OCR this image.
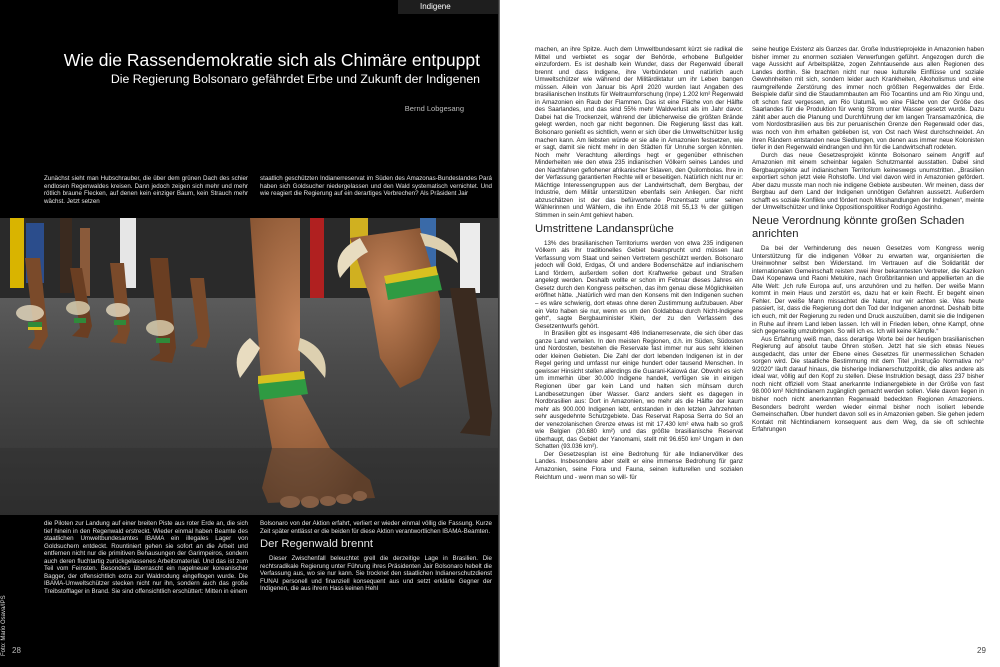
Indigene
Wie die Rassendemokratie sich als Chimäre entpuppt
Die Regierung Bolsonaro gefährdet Erbe und Zukunft der Indigenen
Bernd Lobgesang

Zunächst sieht man Hubschrauber, die über dem grünen Dach des schier endlosen Regenwaldes kreisen. Dann jedoch zeigen sich mehr und mehr rötlich braune Flecken, auf denen kein einziger Baum, kein Strauch mehr wächst. Jetzt setzen

staatlich geschützten Indianerreservat im Süden des Amazonas-Bundeslandes Pará haben sich Goldsucher niedergelassen und den Wald systematisch vernichtet. Und wie reagiert die Regierung auf ein derartiges Verbrechen? Als Präsident Jair

Foto: Mario Osava/IPS

die Piloten zur Landung auf einer breiten Piste aus roter Erde an, die sich tief hinein in den Regenwald erstreckt. Wieder einmal haben Beamte des staatlichen Umweltbundesamtes IBAMA ein illegales Lager von Goldsuchern entdeckt. Rountiniert gehen sie sofort an die Arbeit und entfernen nicht nur die primitiven Behausungen der Garimpeiros, sondern auch deren fluchtartig zurückgelassenes Arbeitsmaterial. Und das ist zum Teil vom Feinsten. Besonders überrascht ein nagelneuer koreanischer Bagger, der offensichtlich extra zur Waldrodung eingeflogen wurde. Die IBAMA-Umweltschützer stecken nicht nur ihn, sondern auch das große Treibstofflager in Brand. Sie sind offensichtlich erschüttert: Mitten in einem

Bolsonaro von der Aktion erfahrt, verliert er wieder einmal völlig die Fassung. Kurze Zeit später entlässt er die beiden für diese Aktion verantwortlichen IBAMA-Beamten.

Der Regenwald brennt

Dieser Zwischenfall beleuchtet grell die derzeitige Lage in Brasilien. Die rechtsradikale Regierung unter Führung ihres Präsidenten Jair Bolsonaro hebelt die Verfassung aus, wo sie nur kann. Sie trocknet den staatlichen Indianerschutzdienst FUNAI personell und finanziell konsequent aus und setzt erklärte Gegner der Indigenen, die aus ihrem Hass keinen Hehl

28

machen, an ihre Spitze. Auch dem Umweltbundesamt kürzt sie radikal die Mittel und verbietet es sogar der Behörde, erhobene Bußgelder einzufordern. Es ist deshalb kein Wunder, dass der Regenwald überall brennt und dass Indigene, ihre Verbündeten und natürlich auch Umweltschützer wie während der Militärdiktatur um ihr Leben bangen müssen. Allein von Januar bis April 2020 wurden laut Angaben des brasilianischen Instituts für Weltraumforschung (Inpe) 1.202 km² Regenwald in Amazonien ein Raub der Flammen. Das ist eine Fläche von der Hälfte des Saarlandes, und das sind 55% mehr Waldverlust als im Jahr davor. Dabei hat die Trockenzeit, während der üblicherweise die größten Brände gelegt werden, noch gar nicht begonnen. Die Regierung lässt das kalt. Bolsonaro genießt es sichtlich, wenn er sich über die Umweltschützer lustig machen kann. Am liebsten würde er sie alle in Amazonien festsetzen, wie er sagt, damit sie nicht mehr in den Städten für Unruhe sorgen könnten. Noch mehr Verachtung allerdings hegt er gegenüber ethnischen Minderheiten wie den etwa 235 indianischen Völkern seines Landes und den Nachfahren geflohener afrikanischer Sklaven, den Quilombolas. Ihre in der Verfassung garantierten Rechte will er beseitigen. Natürlich nicht nur er: Mächtige Interessengruppen aus der Landwirtschaft, dem Bergbau, der Industrie, dem Militär unterstützen ebenfalls sein Anliegen. Gar nicht abzuschätzen ist der das befürwortende Prozentsatz unter seinen Wählerinnen und Wählern, die ihn Ende 2018 mit 55,13 % der gültigen Stimmen in sein Amt gehievt haben.

Umstrittene Landansprüche

13% des brasilianischen Territoriums werden von etwa 235 indigenen Völkern als ihr traditionelles Gebiet beansprucht und müssen laut Verfassung vom Staat und seinen Vertretern geschützt werden. Bolsonaro jedoch will Gold, Erdgas, Öl und andere Bodenschätze auf indianischem Land fördern, außerdem sollen dort Kraftwerke gebaut und Straßen angelegt werden. Deshalb wollte er schon im Februar dieses Jahres ein Gesetz durch den Kongress peitschen, das ihm genau diese Möglichkeiten eröffnet hätte. „Natürlich wird man den Konsens mit den Indigenen suchen – es wäre schwierig, dort etwas ohne deren Zustimmung aufzubauen. Aber ein Veto haben sie nur, wenn es um den Goldabbau durch Nicht-Indigene geht“, sagte Bergbauminister Klein, der zu den Verfassern des Gesetzentwurfs gehört.

In Brasilien gibt es insgesamt 486 Indianerreservate, die sich über das ganze Land verteilen. In den meisten Regionen, d.h. im Süden, Südosten und Nordosten, bestehen die Reservate fast immer nur aus sehr kleinen oder kleinen Gebieten. Die Zahl der dort lebenden Indigenen ist in der Regel gering und umfasst nur einige hundert oder tausend Menschen. In gewisser Hinsicht stellen allerdings die Guarani-Kaiowá dar. Obwohl es sich um immerhin über 30.000 Indigene handelt, verfügen sie in einigen Regionen über gar kein Land und halten sich mühsam durch Landbesetzungen über Wasser. Ganz anders sieht es dagegen in Nordbrasilien aus: Dort in Amazonien, wo mehr als die Hälfte der kaum mehr als 900.000 Indigenen lebt, entstanden in den letzten Jahrzehnten sehr ausgedehnte Schutzgebiete. Das Reservat Raposa Serra do Sol an der venezolanischen Grenze etwas ist mit 17.430 km² etwa halb so groß wie Belgien (30.680 km²) und das größte brasilianische Reservat überhaupt, das Gebiet der Yanomami, stellt mit 96.650 km² Ungarn in den Schatten (93.036 km²).

Der Gesetzesplan ist eine Bedrohung für alle Indianervölker des Landes. Insbesondere aber stellt er eine immense Bedrohung für ganz Amazonien, seine Flora und Fauna, seinen kulturellen und sozialen Reichtum und - wenn man so will- für

seine heutige Existenz als Ganzes dar. Große Industrieprojekte in Amazonien haben bisher immer zu enormen sozialen Verwerfungen geführt. Angezogen durch die vage Aussicht auf Arbeitsplätze, zogen Zehntausende aus allen Regionen des Landes dorthin. Sie brachten nicht nur neue kulturelle Einflüsse und soziale Gewohnheiten mit sich, sondern leider auch Krankheiten, Alkoholismus und eine raumgreifende Zerstörung des immer noch größten Regenwaldes der Erde. Beispiele dafür sind die Staudammbauten am Rio Tocantins und am Rio Xingu und, oft schon fast vergessen, am Rio Uatumã, wo eine Fläche von der Größe des Saarlandes für die Produktion für wenig Strom unter Wasser gesetzt wurde. Dazu zählt aber auch die Planung und Durchführung der km langen Transamazônica, die vom Nordostbrasilien aus bis zur peruanischen Grenze den Regenwald oder das, was noch von ihm erhalten geblieben ist, von Ost nach West durchschneidet. An ihren Rändern entstanden neue Siedlungen, von denen aus immer neue Kolonisten tiefer in den Regenwald eindrangen und ihn für die Landwirtschaft rodeten.

Durch das neue Gesetzesprojekt könnte Bolsonaro seinem Angriff auf Amazonien mit einem scheinbar legalen Schutzmantel ausstatten. Dabei sind Bergbauprojekte auf indianischem Territorium keineswegs unumstritten. „Brasilien exportiert schon jetzt viele Rohstoffe. Und viel davon wird in Amazonien gefördert. Aber dazu musste man noch nie indigene Gebiete ausbeuten. Wir meinen, dass der Bergbau auf dem Land der Indigenen unnötigen Gefahren aussetzt. Außerdem schafft es soziale Konflikte und fördert noch Misshandlungen der Indigenen“, meinte der Umweltschützer und linke Oppositionspolitiker Rodrigo Agostinho.

Neue Verordnung könnte großen Schaden anrichten

Da bei der Verhinderung des neuen Gesetzes vom Kongress wenig Unterstützung für die indigenen Völker zu erwarten war, organisierten die Ureinwohner selbst ben Widerstand. Im Vertrauen auf die Solidarität der internationalen Gemeinschaft reisten zwei ihrer bekanntesten Vertreter, die Kaziken Davi Kopenawa und Raoni Metukire, nach Großbritannien und appellierten an die Alte Welt: „Ich rufe Europa auf, uns anzuhören und zu helfen. Der weiße Mann kommt in mein Haus und zerstört es, dazu hat er kein Recht. Er begeht einen Fehler. Der weiße Mann missachtet die Natur, nur wir achten sie. Was heute passiert, ist, dass die Regierung dort den Tod der Indigenen anordnet. Deshalb bitte ich euch, mit der Regierung zu reden und Druck auszuüben, damit sie die Indigenen in Ruhe auf ihrem Land leben lassen. Ich will in Frieden leben, ohne Kampf, ohne sich gegenseitig umzubringen. So will ich es. Ich will keine Kämpfe.“

Aus Erfahrung weiß man, dass derartige Worte bei der heutigen brasilianischen Regierung auf absolut taube Ohren stoßen. Jetzt hat sie sich etwas Neues ausgedacht, das unter der Ebene eines Gesetzes für unermesslichen Schaden sorgen wird. Die staatliche Bestimmung mit dem Titel „Instrução Normativa no° 9/2020“ läuft darauf hinaus, die bisherige Indianerschutzpolitik, die alles andere als ideal war, völlig auf den Kopf zu stellen. Diese Instruktion besagt, dass 237 bisher noch nicht offiziell vom Staat anerkannte Indianergebiete in der Größe von fast 98.000 km² Nichtindianern zugänglich gemacht werden sollen. Viele davon liegen in bisher noch nicht anerkannten Regenwald bedeckten Regionen Amazoniens. Besonders bedroht werden wieder einmal bisher noch isoliert lebende Gemeinschaften. Über hundert davon soll es in Amazonien geben. Sie gehen jedem Kontakt mit Nichtindianern konsequent aus dem Weg, da sie oft schlechte Erfahrungen

29
